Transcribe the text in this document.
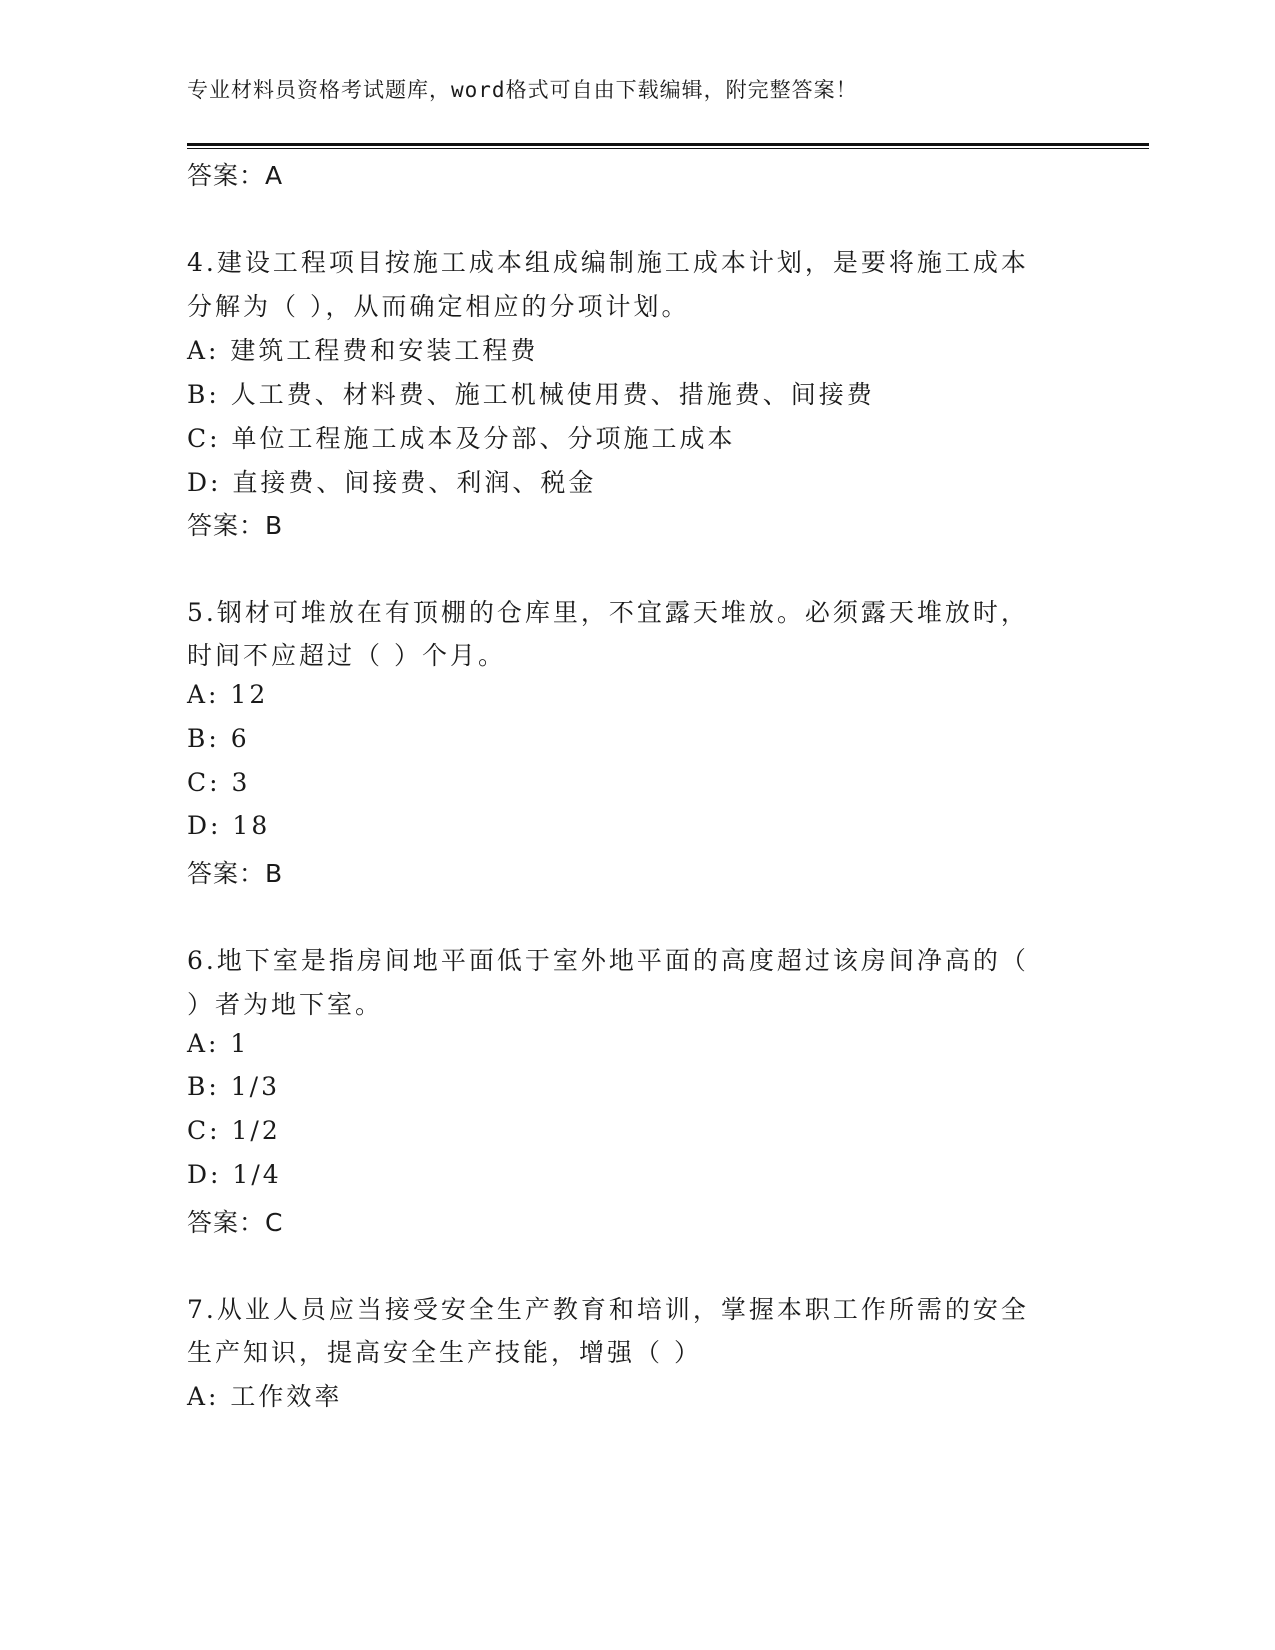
专业材料员资格考试题库，word格式可自由下载编辑，附完整答案！
答案：A
4.建设工程项目按施工成本组成编制施工成本计划，是要将施工成本
分解为（ ），从而确定相应的分项计划。
A: 建筑工程费和安装工程费
B: 人工费、材料费、施工机械使用费、措施费、间接费
C: 单位工程施工成本及分部、分项施工成本
D: 直接费、间接费、利润、税金
答案：B
5.钢材可堆放在有顶棚的仓库里，不宜露天堆放。必须露天堆放时，
时间不应超过（ ）个月。
A: 12
B: 6
C: 3
D: 18
答案：B
6.地下室是指房间地平面低于室外地平面的高度超过该房间净高的（
）者为地下室。
A: 1
B: 1/3
C: 1/2
D: 1/4
答案：C
7.从业人员应当接受安全生产教育和培训，掌握本职工作所需的安全
生产知识，提高安全生产技能，增强（ ）
A: 工作效率
